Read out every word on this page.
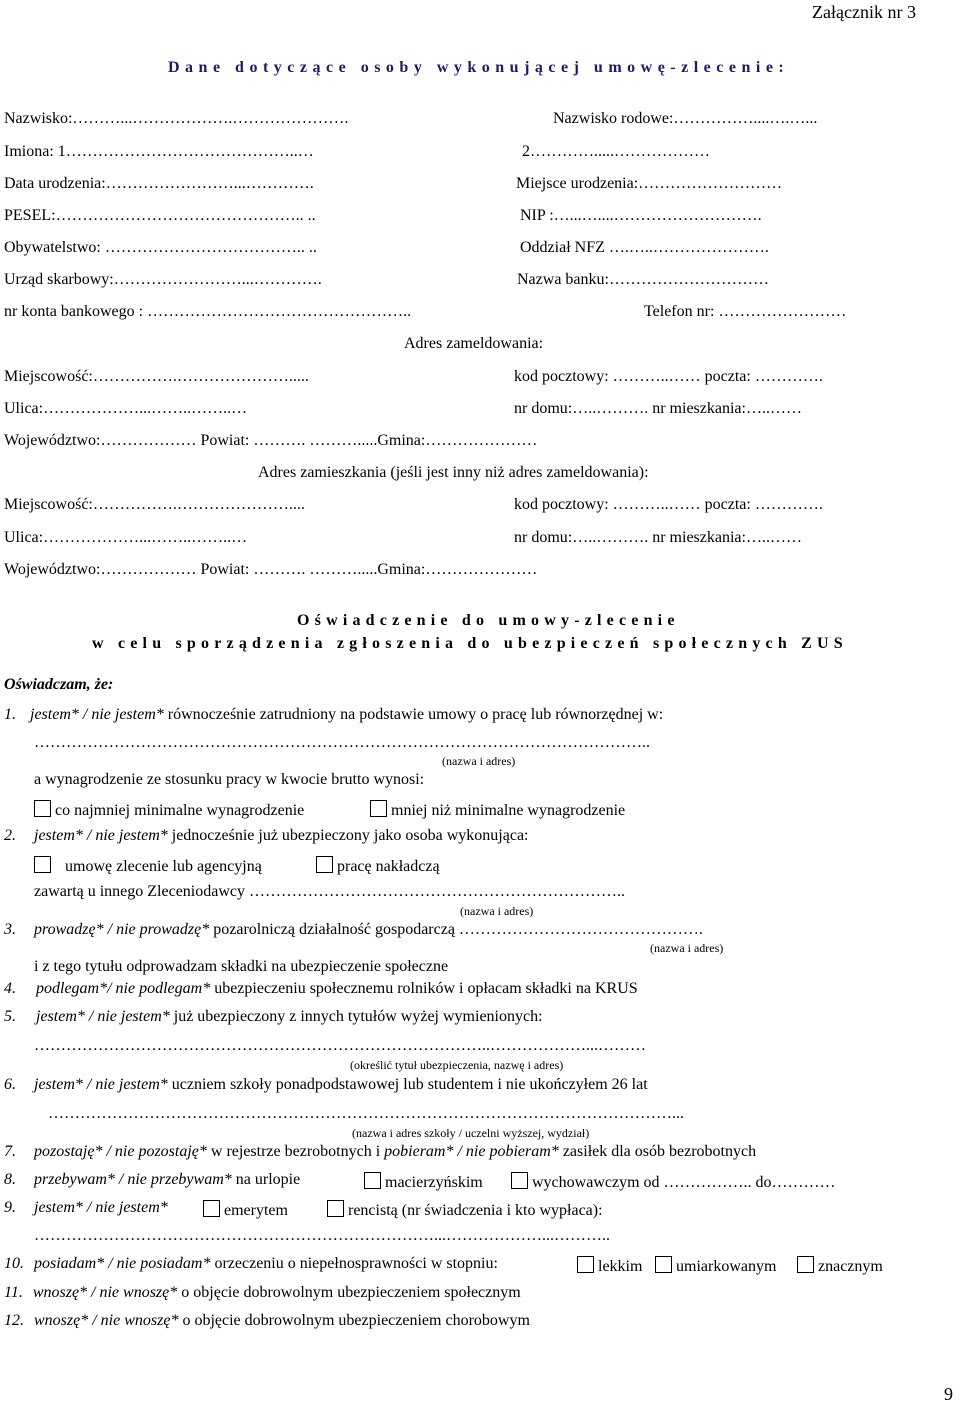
Załącznik nr 3
Dane dotyczące osoby wykonującej umowę-zlecenie:
Nazwisko:………...……………….………………….	Nazwisko rodowe:……………....….…...
Imiona: 1……………………………………..…	2………….....………………
Data urodzenia:……………………...………….	Miejsce urodzenia:………………………
PESEL:……………………………………….. ..	NIP :…...…....……………………….
Obywatelstwo: ……………………………….. ..	Oddział NFZ ….…..………………….
Urząd skarbowy:……………………...………….	Nazwa banku:…………………………
nr konta bankowego : …………………………………………..	Telefon nr: ……………………
Adres zameldowania:
Miejscowość:…………….………………….....	kod pocztowy: ………..…… poczta: ………….
Ulica:………………...……..……..…	nr domu:…..………. nr mieszkania:…..……
Województwo:……………… Powiat: ………. ……….....Gmina:…………………
Adres zamieszkania (jeśli jest inny niż adres zameldowania):
Miejscowość:…………….…………………....	kod pocztowy: ………..…… poczta: ………….
Ulica:………………...……..……..…	nr domu:…..………. nr mieszkania:…..……
Województwo:……………… Powiat: ………. ……….....Gmina:…………………
Oświadczenie do umowy-zlecenie
w celu sporządzenia zgłoszenia do ubezpieczeń społecznych ZUS
Oświadczam, że:
1. jestem* / nie jestem* równocześnie zatrudniony na podstawie umowy o pracę lub równorzędnej w:
……………………………………………………………………………………………………..
(nazwa i adres)
a wynagrodzenie ze stosunku pracy w kwocie brutto wynosi:
co najmniej minimalne wynagrodzenie	mniej niż minimalne wynagrodzenie
2. jestem* / nie jestem* jednocześnie już ubezpieczony jako osoba wykonująca:
umowę zlecenie lub agencyjną	pracę nakładczą
zawartą u innego Zleceniodawcy ……………………………………………………………..
(nazwa i adres)
3. prowadzę* / nie prowadzę* pozarolniczą działalność gospodarczą ……………………………………….
(nazwa i adres)
i z tego tytułu odprowadzam składki na ubezpieczenie społeczne
4. podlegam*/ nie podlegam* ubezpieczeniu społecznemu rolników i opłacam składki na KRUS
5. jestem* / nie jestem* już ubezpieczony z innych tytułów wyżej wymienionych:
…………………………………………………………………………..………………...………
(określić tytuł ubezpieczenia, nazwę i adres)
6. jestem* / nie jestem* uczniem szkoły ponadpodstawowej lub studentem i nie ukończyłem 26 lat
………………………………………………………………………………………………………...
(nazwa i adres szkoły / uczelni wyższej, wydział)
7. pozostaję* / nie pozostaję* w rejestrze bezrobotnych i pobieram* / nie pobieram* zasiłek dla osób bezrobotnych
8. przebywam* / nie przebywam* na urlopie	macierzyńskim	wychowawczym od …………….. do…………
9. jestem* / nie jestem*	emerytem	rencistą (nr świadczenia i kto wypłaca):
…………………………………………………………………...………………...………..
10. posiadam* / nie posiadam* orzeczeniu o niepełnosprawności w stopniu:	lekkim	umiarkowanym	znacznym
11. wnoszę* / nie wnoszę* o objęcie dobrowolnym ubezpieczeniem społecznym
12. wnoszę* / nie wnoszę* o objęcie dobrowolnym ubezpieczeniem chorobowym
9
